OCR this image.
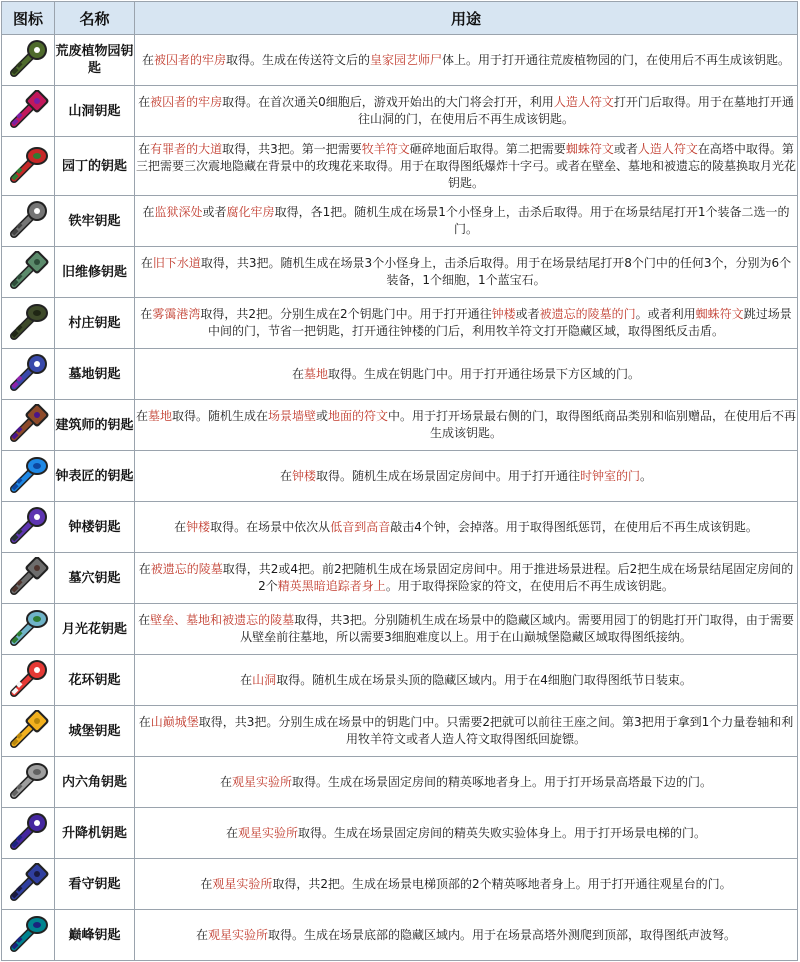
图标	名称	用途

	荒废植物园钥匙	在被囚者的牢房取得。生成在传送符文后的皇家园艺师尸体上。用于打开通往荒废植物园的门，在使用后不再生成该钥匙。

	山洞钥匙	在被囚者的牢房取得。在首次通关0细胞后，游戏开始出的大门将会打开，利用人造人符文打开门后取得。用于在墓地打开通往山洞的门，在使用后不再生成该钥匙。

	园丁的钥匙	在有罪者的大道取得，共3把。第一把需要牧羊符文砸碎地面后取得。第二把需要蜘蛛符文或者人造人符文在高塔中取得。第三把需要三次震地隐藏在背景中的玫瑰花来取得。用于在取得图纸爆炸十字弓。或者在壁垒、墓地和被遗忘的陵墓换取月光花钥匙。

	铁牢钥匙	在监狱深处或者腐化牢房取得，各1把。随机生成在场景1个小怪身上，击杀后取得。用于在场景结尾打开1个装备二选一的门。

	旧维修钥匙	在旧下水道取得，共3把。随机生成在场景3个小怪身上，击杀后取得。用于在场景结尾打开8个门中的任何3个，分别为6个装备，1个细胞，1个蓝宝石。

	村庄钥匙	在雾霭港湾取得，共2把。分别生成在2个钥匙门中。用于打开通往钟楼或者被遗忘的陵墓的门。或者利用蜘蛛符文跳过场景中间的门，节省一把钥匙，打开通往钟楼的门后，利用牧羊符文打开隐藏区域，取得图纸反击盾。

	墓地钥匙	在墓地取得。生成在钥匙门中。用于打开通往场景下方区域的门。

	建筑师的钥匙	在墓地取得。随机生成在场景墙壁或地面的符文中。用于打开场景最右侧的门，取得图纸商品类别和临别赠品，在使用后不再生成该钥匙。

	钟表匠的钥匙	在钟楼取得。随机生成在场景固定房间中。用于打开通往时钟室的门。

	钟楼钥匙	在钟楼取得。在场景中依次从低音到高音敲击4个钟，会掉落。用于取得图纸惩罚，在使用后不再生成该钥匙。

	墓穴钥匙	在被遗忘的陵墓取得，共2或4把。前2把随机生成在场景固定房间中。用于推进场景进程。后2把生成在场景结尾固定房间的2个精英黑暗追踪者身上。用于取得探险家的符文，在使用后不再生成该钥匙。

	月光花钥匙	在壁垒、墓地和被遗忘的陵墓取得，共3把。分别随机生成在场景中的隐藏区域内。需要用园丁的钥匙打开门取得，由于需要从壁垒前往墓地，所以需要3细胞难度以上。用于在山巅城堡隐藏区域取得图纸接纳。

	花环钥匙	在山洞取得。随机生成在场景头顶的隐藏区域内。用于在4细胞门取得图纸节日装束。

	城堡钥匙	在山巅城堡取得，共3把。分别生成在场景中的钥匙门中。只需要2把就可以前往王座之间。第3把用于拿到1个力量卷轴和利用牧羊符文或者人造人符文取得图纸回旋镖。

	内六角钥匙	在观星实验所取得。生成在场景固定房间的精英啄地者身上。用于打开场景高塔最下边的门。

	升降机钥匙	在观星实验所取得。生成在场景固定房间的精英失败实验体身上。用于打开场景电梯的门。

	看守钥匙	在观星实验所取得，共2把。生成在场景电梯顶部的2个精英啄地者身上。用于打开通往观星台的门。

	巅峰钥匙	在观星实验所取得。生成在场景底部的隐藏区域内。用于在场景高塔外测爬到顶部，取得图纸声波弩。
